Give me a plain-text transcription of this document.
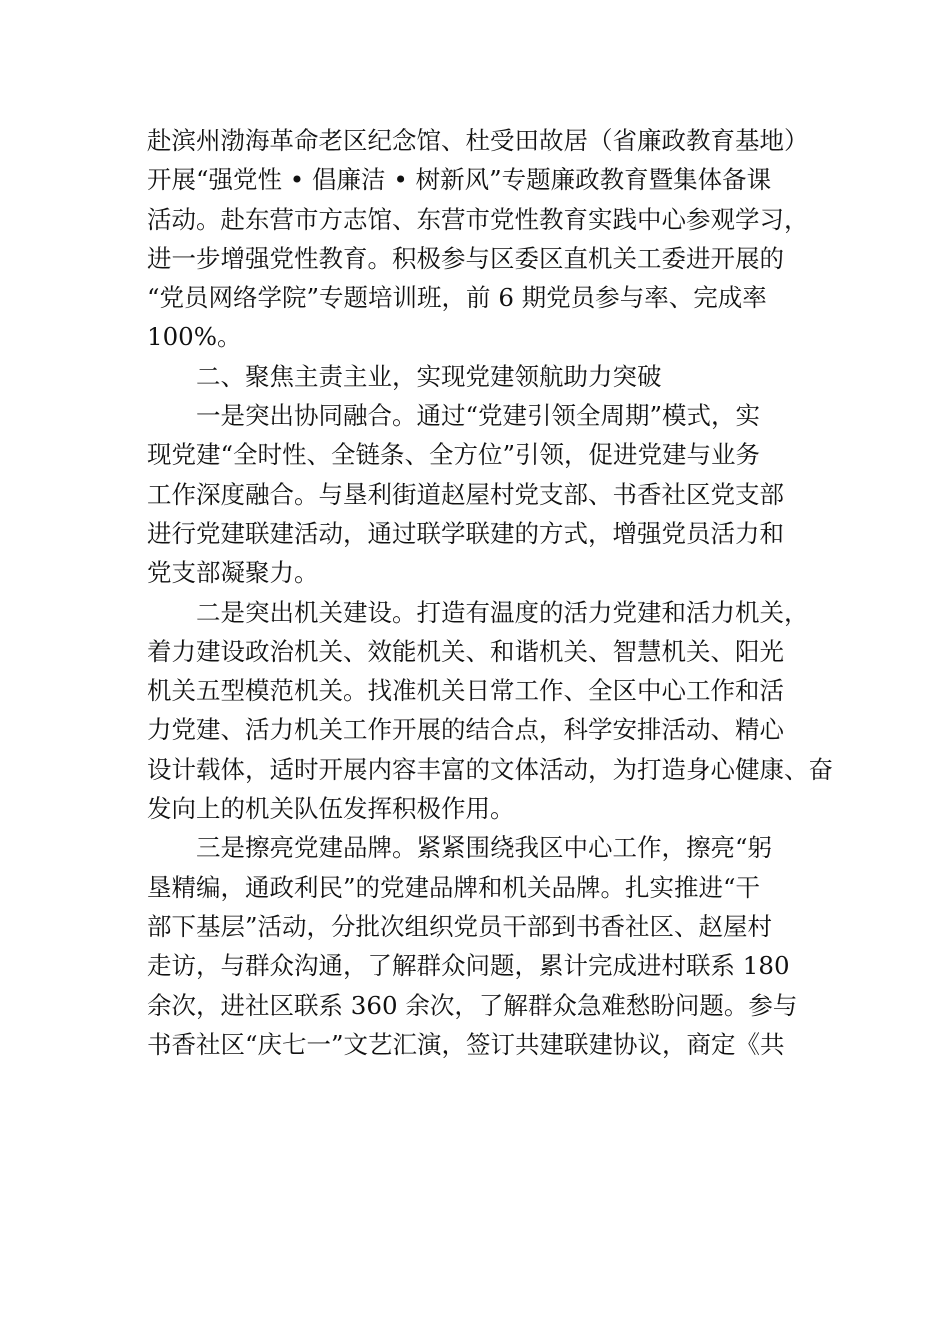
赴滨州渤海革命老区纪念馆、杜受田故居（省廉政教育基地）
开展“强党性 • 倡廉洁 • 树新风”专题廉政教育暨集体备课
活动。赴东营市方志馆、东营市党性教育实践中心参观学习，
进一步增强党性教育。积极参与区委区直机关工委进开展的
“党员网络学院”专题培训班，前 6 期党员参与率、完成率
100%。
二、聚焦主责主业，实现党建领航助力突破
一是突出协同融合。通过“党建引领全周期”模式，实
现党建“全时性、全链条、全方位”引领，促进党建与业务
工作深度融合。与垦利街道赵屋村党支部、书香社区党支部
进行党建联建活动，通过联学联建的方式，增强党员活力和
党支部凝聚力。
二是突出机关建设。打造有温度的活力党建和活力机关，
着力建设政治机关、效能机关、和谐机关、智慧机关、阳光
机关五型模范机关。找准机关日常工作、全区中心工作和活
力党建、活力机关工作开展的结合点，科学安排活动、精心
设计载体，适时开展内容丰富的文体活动，为打造身心健康、奋
发向上的机关队伍发挥积极作用。
三是擦亮党建品牌。紧紧围绕我区中心工作，擦亮“躬
垦精编，通政利民”的党建品牌和机关品牌。扎实推进“干
部下基层”活动，分批次组织党员干部到书香社区、赵屋村
走访，与群众沟通，了解群众问题，累计完成进村联系 180
余次，进社区联系 360 余次，了解群众急难愁盼问题。参与
书香社区“庆七一”文艺汇演，签订共建联建协议，商定《共
